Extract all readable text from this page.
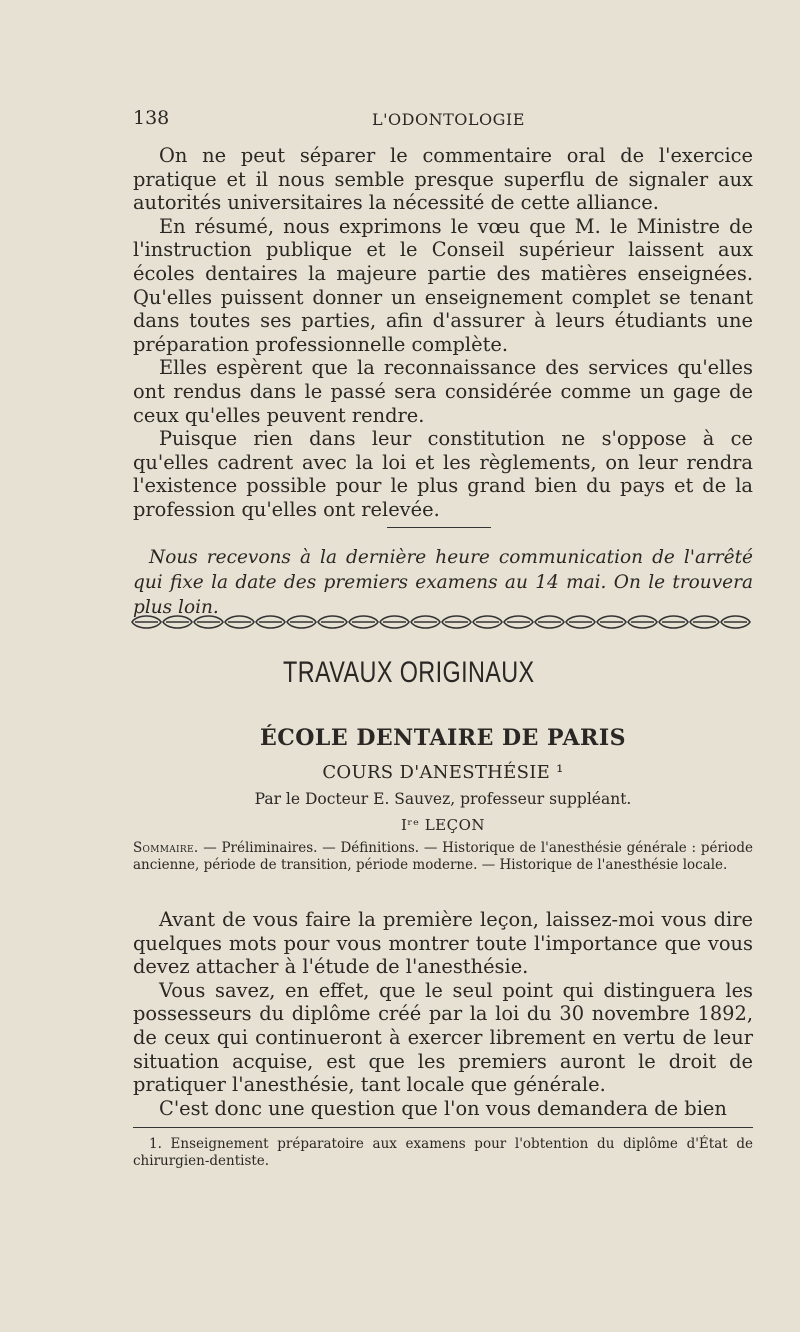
138	L'ODONTOLOGIE

On ne peut séparer le commentaire oral de l'exercice pratique et il nous semble presque superflu de signaler aux autorités universitaires la nécessité de cette alliance.

En résumé, nous exprimons le vœu que M. le Ministre de l'instruction publique et le Conseil supérieur laissent aux écoles dentaires la majeure partie des matières enseignées. Qu'elles puissent donner un enseignement complet se tenant dans toutes ses parties, afin d'assurer à leurs étudiants une préparation professionnelle complète.

Elles espèrent que la reconnaissance des services qu'elles ont rendus dans le passé sera considérée comme un gage de ceux qu'elles peuvent rendre.

Puisque rien dans leur constitution ne s'oppose à ce qu'elles cadrent avec la loi et les règlements, on leur rendra l'existence possible pour le plus grand bien du pays et de la profession qu'elles ont relevée.

Nous recevons à la dernière heure communication de l'arrêté qui fixe la date des premiers examens au 14 mai. On le trouvera plus loin.

TRAVAUX ORIGINAUX
ÉCOLE DENTAIRE DE PARIS
COURS D'ANESTHÉSIE ¹
Par le Docteur E. Sauvez, professeur suppléant.
Iʳᵉ LEÇON
Sommaire. — Préliminaires. — Définitions. — Historique de l'anesthésie générale : période ancienne, période de transition, période moderne. — Historique de l'anesthésie locale.

Avant de vous faire la première leçon, laissez-moi vous dire quelques mots pour vous montrer toute l'importance que vous devez attacher à l'étude de l'anesthésie.

Vous savez, en effet, que le seul point qui distinguera les possesseurs du diplôme créé par la loi du 30 novembre 1892, de ceux qui continueront à exercer librement en vertu de leur situation acquise, est que les premiers auront le droit de pratiquer l'anesthésie, tant locale que générale.

C'est donc une question que l'on vous demandera de bien

1. Enseignement préparatoire aux examens pour l'obtention du diplôme d'État de chirurgien-dentiste.
